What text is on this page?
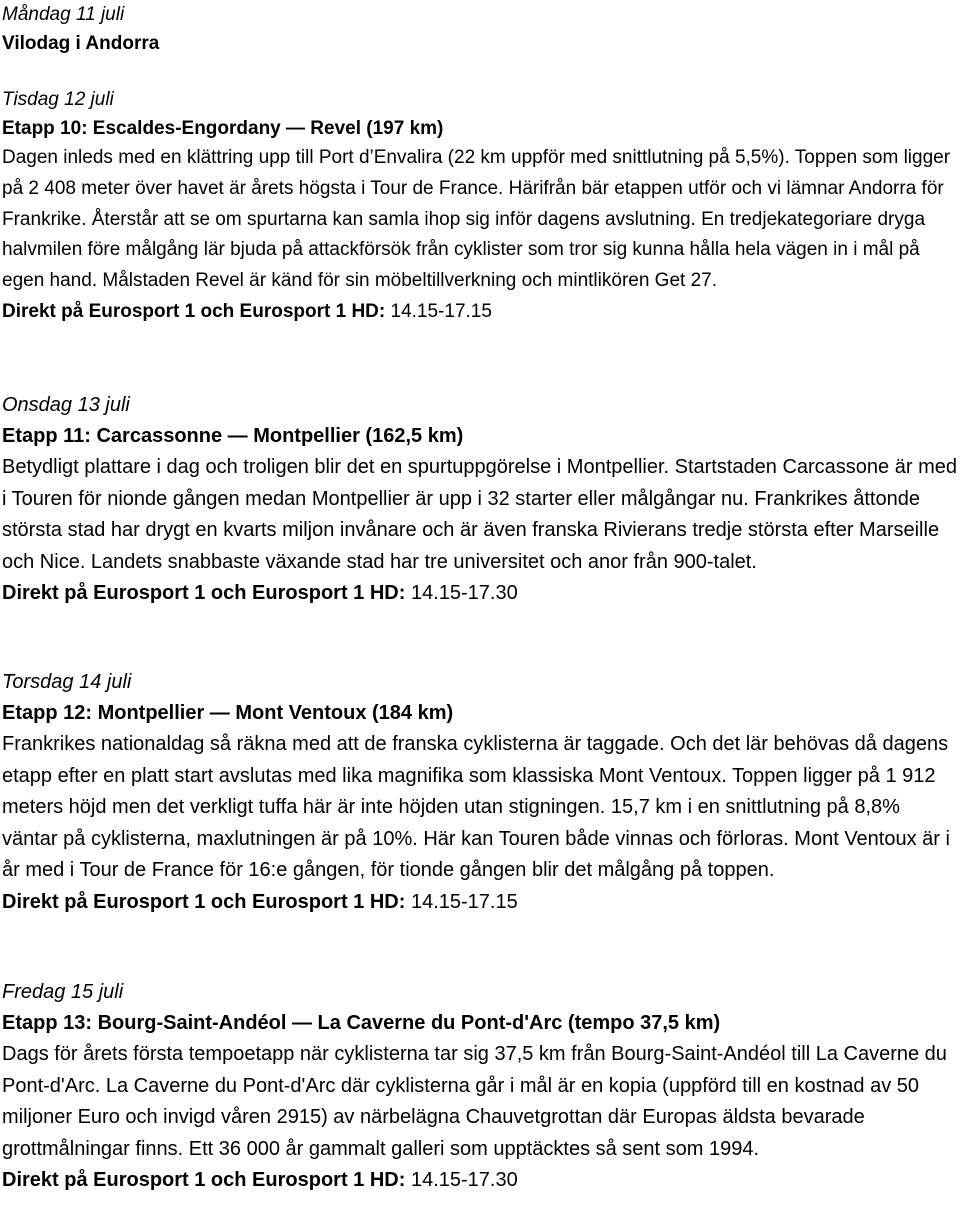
Måndag 11 juli

Vilodag i Andorra

Tisdag 12 juli

Etapp 10: Escaldes-Engordany — Revel (197 km)

Dagen inleds med en klättring upp till Port d’Envalira (22 km uppför med snittlutning på 5,5%). Toppen som ligger på 2 408 meter över havet är årets högsta i Tour de France. Härifrån bär etappen utför och vi lämnar Andorra för Frankrike. Återstår att se om spurtarna kan samla ihop sig inför dagens avslutning. En tredjekategoriare dryga halvmilen före målgång lär bjuda på attackförsök från cyklister som tror sig kunna hålla hela vägen in i mål på egen hand. Målstaden Revel är känd för sin möbeltillverkning och mintlikören Get 27.

Direkt på Eurosport 1 och Eurosport 1 HD: 14.15-17.15

Onsdag 13 juli

Etapp 11: Carcassonne — Montpellier (162,5 km)

Betydligt plattare i dag och troligen blir det en spurtuppgörelse i Montpellier. Startstaden Carcassone är med i Touren för nionde gången medan Montpellier är upp i 32 starter eller målgångar nu. Frankrikes åttonde största stad har drygt en kvarts miljon invånare och är även franska Rivierans tredje största efter Marseille och Nice. Landets snabbaste växande stad har tre universitet och anor från 900-talet.

Direkt på Eurosport 1 och Eurosport 1 HD: 14.15-17.30

Torsdag 14 juli

Etapp 12: Montpellier — Mont Ventoux (184 km)

Frankrikes nationaldag så räkna med att de franska cyklisterna är taggade. Och det lär behövas då dagens etapp efter en platt start avslutas med lika magnifika som klassiska Mont Ventoux. Toppen ligger på 1 912 meters höjd men det verkligt tuffa här är inte höjden utan stigningen. 15,7 km i en snittlutning på 8,8% väntar på cyklisterna, maxlutningen är på 10%. Här kan Touren både vinnas och förloras. Mont Ventoux är i år med i Tour de France för 16:e gången, för tionde gången blir det målgång på toppen.

Direkt på Eurosport 1 och Eurosport 1 HD: 14.15-17.15

Fredag 15 juli

Etapp 13: Bourg-Saint-Andéol — La Caverne du Pont-d'Arc (tempo 37,5 km)

Dags för årets första tempoetapp när cyklisterna tar sig 37,5 km från Bourg-Saint-Andéol till La Caverne du Pont-d'Arc. La Caverne du Pont-d'Arc där cyklisterna går i mål är en kopia (uppförd till en kostnad av 50 miljoner Euro och invigd våren 2915) av närbelägna Chauvetgrottan där Europas äldsta bevarade grottmålningar finns. Ett 36 000 år gammalt galleri som upptäcktes så sent som 1994.

Direkt på Eurosport 1 och Eurosport 1 HD: 14.15-17.30
